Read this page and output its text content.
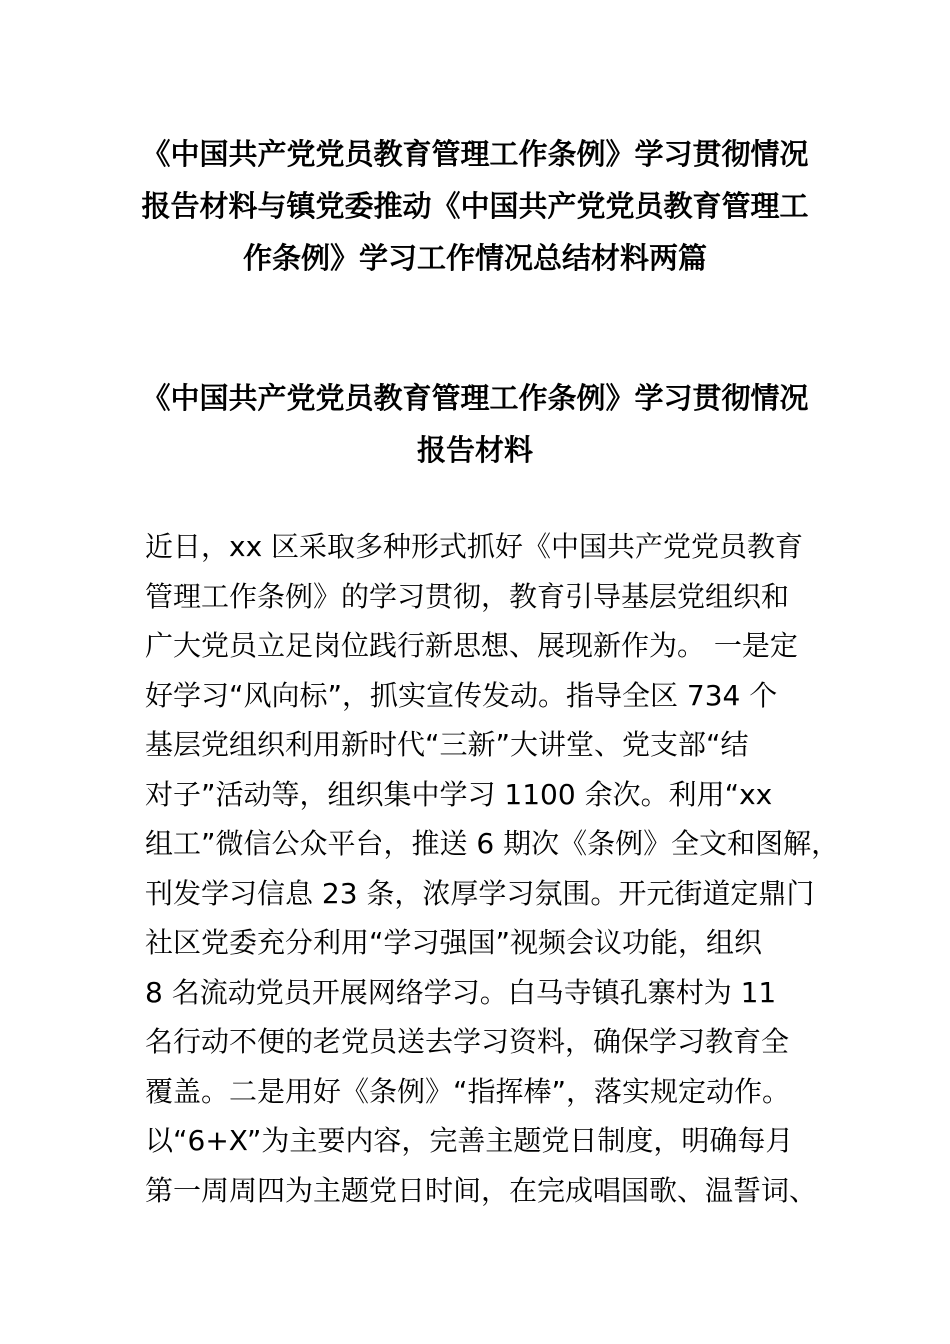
《中国共产党党员教育管理工作条例》学习贯彻情况
报告材料与镇党委推动《中国共产党党员教育管理工
作条例》学习工作情况总结材料两篇
《中国共产党党员教育管理工作条例》学习贯彻情况
报告材料
近日，xx 区采取多种形式抓好《中国共产党党员教育
管理工作条例》的学习贯彻，教育引导基层党组织和
广大党员立足岗位践行新思想、展现新作为。 一是定
好学习“风向标”，抓实宣传发动。指导全区 734 个
基层党组织利用新时代“三新”大讲堂、党支部“结
对子”活动等，组织集中学习 1100 余次。利用“xx
组工”微信公众平台，推送 6 期次《条例》全文和图解，
刊发学习信息 23 条，浓厚学习氛围。开元街道定鼎门
社区党委充分利用“学习强国”视频会议功能，组织
8 名流动党员开展网络学习。白马寺镇孔寨村为 11
名行动不便的老党员送去学习资料，确保学习教育全
覆盖。二是用好《条例》“指挥棒”，落实规定动作。
以“6+X”为主要内容，完善主题党日制度，明确每月
第一周周四为主题党日时间，在完成唱国歌、温誓词、
